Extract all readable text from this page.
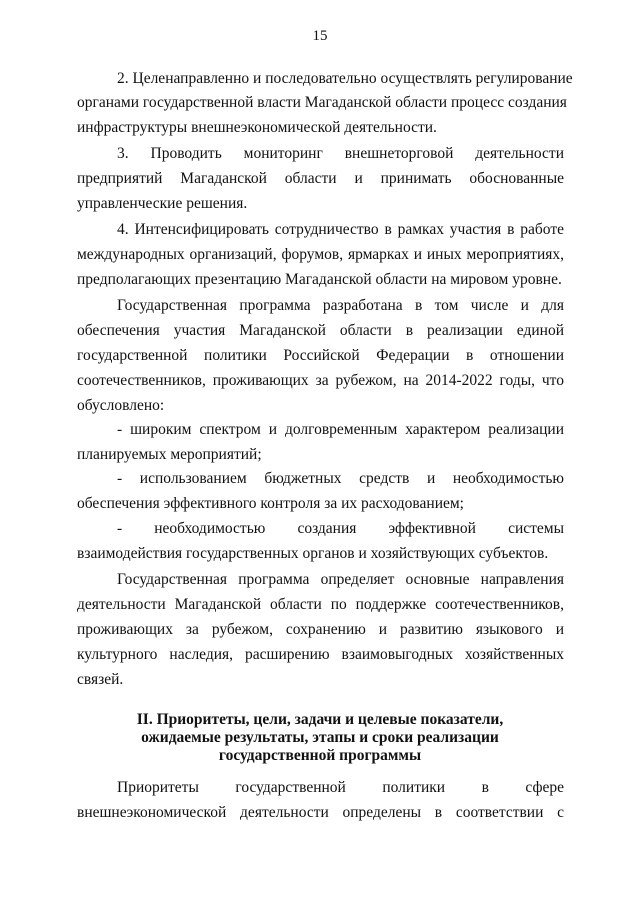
15
2. Целенаправленно и последовательно осуществлять регулирование
органами государственной власти Магаданской области процесс создания
инфраструктуры внешнеэкономической деятельности.
3. Проводить мониторинг внешнеторговой деятельности
предприятий Магаданской области и принимать обоснованные
управленческие решения.
4. Интенсифицировать сотрудничество в рамках участия в работе
международных организаций, форумов, ярмарках и иных мероприятиях,
предполагающих презентацию Магаданской области на мировом уровне.
Государственная программа разработана в том числе и для
обеспечения участия Магаданской области в реализации единой
государственной политики Российской Федерации в отношении
соотечественников, проживающих за рубежом, на 2014-2022 годы, что
обусловлено:
- широким спектром и долговременным характером реализации
планируемых мероприятий;
- использованием бюджетных средств и необходимостью
обеспечения эффективного контроля за их расходованием;
- необходимостью создания эффективной системы
взаимодействия государственных органов и хозяйствующих субъектов.
Государственная программа определяет основные направления
деятельности Магаданской области по поддержке соотечественников,
проживающих за рубежом, сохранению и развитию языкового и
культурного наследия, расширению взаимовыгодных хозяйственных
связей.
II. Приоритеты, цели, задачи и целевые показатели,
ожидаемые результаты, этапы и сроки реализации
государственной программы
Приоритеты государственной политики в сфере
внешнеэкономической деятельности определены в соответствии с
